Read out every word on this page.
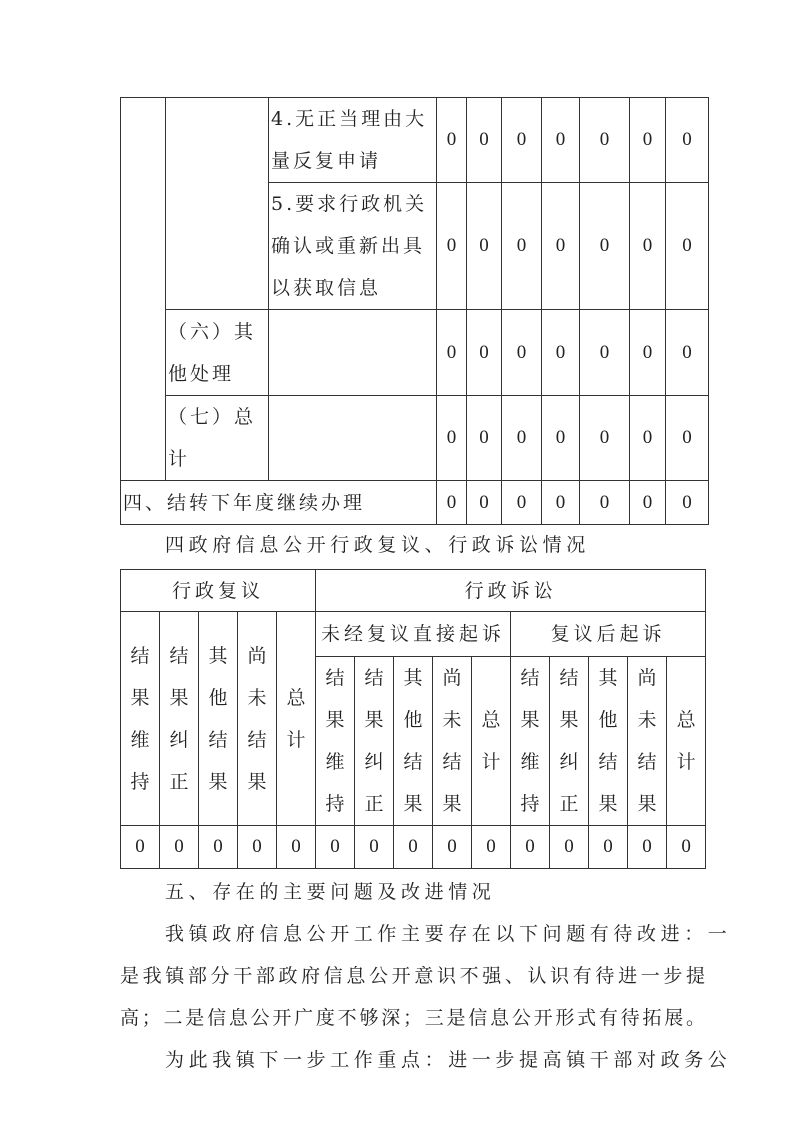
		4.无正当理由大量反复申请	0	0	0	0	0	0	0
		5.要求行政机关确认或重新出具以获取信息	0	0	0	0	0	0	0
	（六）其他处理		0	0	0	0	0	0	0
	（七）总计		0	0	0	0	0	0	0
四、结转下年度继续办理			0	0	0	0	0	0	0
四政府信息公开行政复议、行政诉讼情况
行政复议					行政诉讼									

结果维持	结果纠正	其他结果	尚未结果	总计	未经复议直接起诉					复议后起诉				

					结果维持	结果纠正	其他结果	尚未结果	总计	结果维持	结果纠正	其他结果	尚未结果	总计

0	0	0	0	0	0	0	0	0	0	0	0	0	0	0
五、存在的主要问题及改进情况
我镇政府信息公开工作主要存在以下问题有待改进：一
是我镇部分干部政府信息公开意识不强、认识有待进一步提
高；二是信息公开广度不够深；三是信息公开形式有待拓展。
为此我镇下一步工作重点：进一步提高镇干部对政务公
